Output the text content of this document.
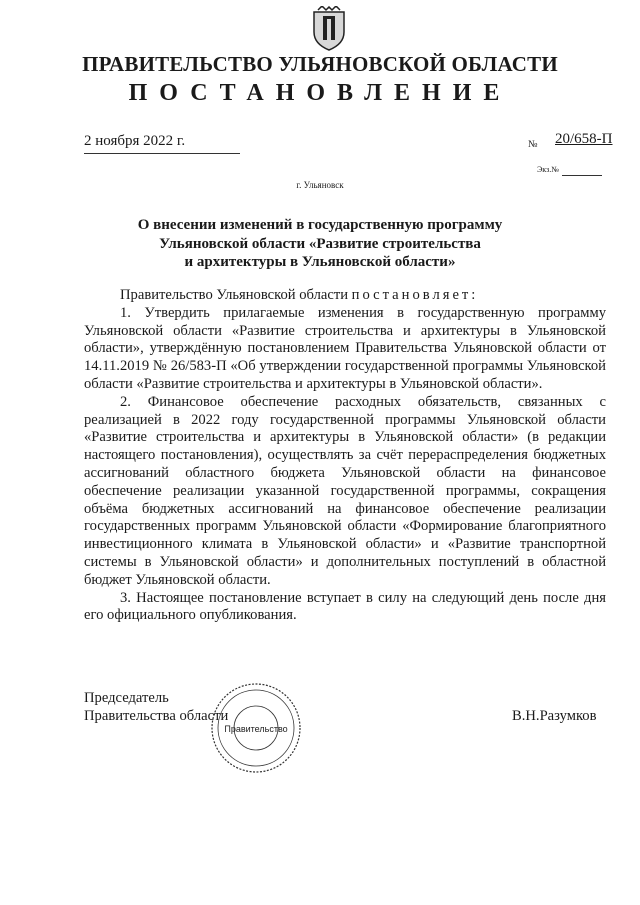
ПРАВИТЕЛЬСТВО УЛЬЯНОВСКОЙ ОБЛАСТИ
ПОСТАНОВЛЕНИЕ
2 ноября 2022 г.	№ 20/658-П
Экз.№
г. Ульяновск
О внесении изменений в государственную программу
Ульяновской области «Развитие строительства
и архитектуры в Ульяновской области»

Правительство Ульяновской области постановляет:

1. Утвердить прилагаемые изменения в государственную программу Ульяновской области «Развитие строительства и архитектуры в Ульяновской области», утверждённую постановлением Правительства Ульяновской области от 14.11.2019 № 26/583-П «Об утверждении государственной программы Ульяновской области «Развитие строительства и архитектуры в Ульяновской области».

2. Финансовое обеспечение расходных обязательств, связанных с реализацией в 2022 году государственной программы Ульяновской области «Развитие строительства и архитектуры в Ульяновской области» (в редакции настоящего постановления), осуществлять за счёт перераспределения бюджетных ассигнований областного бюджета Ульяновской области на финансовое обеспечение реализации указанной государственной программы, сокращения объёма бюджетных ассигнований на финансовое обеспечение реализации государственных программ Ульяновской области «Формирование благоприятного инвестиционного климата в Ульяновской области» и «Развитие транспортной системы в Ульяновской области» и дополнительных поступлений в областной бюджет Ульяновской области.

3. Настоящее постановление вступает в силу на следующий день после дня его официального опубликования.

Правительство
Председатель
Правительства области	В.Н.Разумков
